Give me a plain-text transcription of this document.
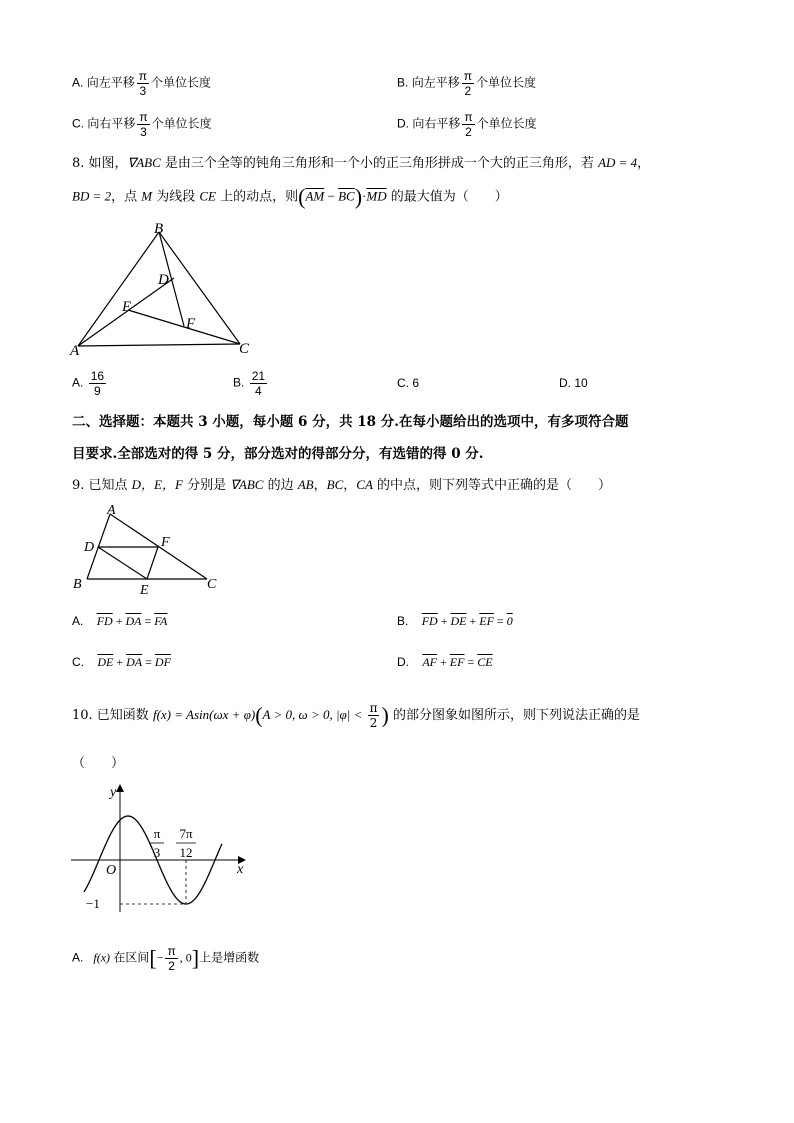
A. 向左平移 $\frac{\pi}{3}$ 个单位长度	B. 向左平移 $\frac{\pi}{2}$ 个单位长度
C. 向右平移 $\frac{\pi}{3}$ 个单位长度	D. 向右平移 $\frac{\pi}{2}$ 个单位长度
8. 如图，∇ABC 是由三个全等的钝角三角形和一个小的正三角形拼成一个大的正三角形，若 AD = 4，
BD = 2，点 M 为线段 CE 上的动点，则$(\overline{AM} - \overline{BC})\cdot\overline{MD}$ 的最大值为（　　）
B
D
E
F
A	C
A. $\frac{16}{9}$	B. $\frac{21}{4}$	C. 6	D. 10
二、选择题：本题共 3 小题，每小题 6 分，共 18 分.在每小题给出的选项中，有多项符合题
目要求.全部选对的得 5 分，部分选对的得部分分，有选错的得 0 分.
9. 已知点 D，E，F 分别是 ∇ABC 的边 AB，BC，CA 的中点，则下列等式中正确的是（　　）
A
D	F
B	E	C
A. $\overline{FD} + \overline{DA} = \overline{FA}$	B. $\overline{FD} + \overline{DE} + \overline{EF} = 0$
C. $\overline{DE} + \overline{DA} = \overline{DF}$	D. $\overline{AF} + \overline{EF} = \overline{CE}$
10. 已知函数 f(x) = Asin(ωx + φ)(A > 0, ω > 0, $|\varphi| < \frac{\pi}{2}$ ) 的部分图象如图所示，则下列说法正确的是
（　　）
y
x
O
π
3
7π
12
−1
A. f(x) 在区间[− $\frac{\pi}{2}$ , 0]上是增函数
